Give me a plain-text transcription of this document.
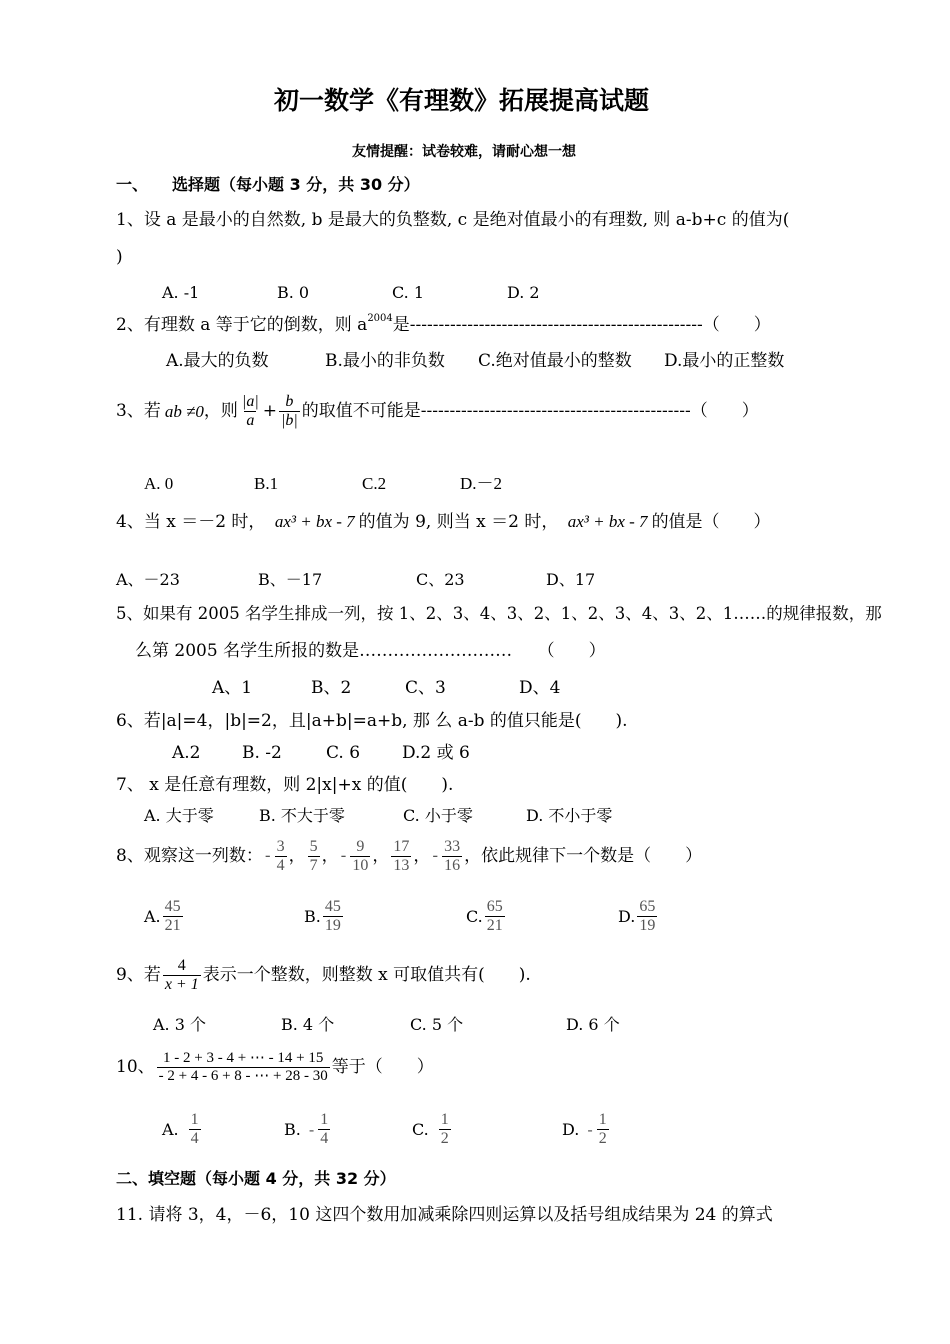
初一数学《有理数》拓展提高试题
友情提醒：试卷较难，请耐心想一想
一、　　选择题（每小题 3 分，共 30 分）
1、设 a 是最小的自然数, b 是最大的负整数, c 是绝对值最小的有理数, 则 a-b+c 的值为(
)
A. -1	B. 0	C. 1	D. 2
2、有理数 a 等于它的倒数，则 $a^{2004}$是---------------------------------------------------（　　）
A.最大的负数	B.最小的非负数 C.绝对值最小的整数 D.最小的正整数
3、若 ab ≠0 ，则 $\frac{|a|}{a} + \frac{b}{|b|}$ 的取值不可能是-----------------------------------------------（　　）
A. 0	B.1	C.2	D.－2
4、当 x ＝－2 时， ax³ + bx - 7 的值为 9, 则当 x ＝2 时， ax³ + bx - 7 的值是（　　）
A、－23	B、－17	C、23	D、17
5、如果有 2005 名学生排成一列，按 1、2、3、4、3、2、1、2、3、4、3、2、1……的规律报数，那
么第 2005 名学生所报的数是………………………　　（　　）
A、1	B、2	C、3	D、4
6、若|a|=4，|b|=2，且|a+b|=a+b, 那 么 a-b 的值只能是(　　).
A.2 B. -2	C. 6 D.2 或 6
7、 x 是任意有理数，则 2|x|+x 的值(　　).
A. 大于零	B. 不大于零	C. 小于零	D. 不小于零
8、观察这一列数： - $\frac{3}{4}$ ， $\frac{5}{7}$ ， - $\frac{9}{10}$ ， $\frac{17}{13}$ ， - $\frac{33}{16}$ ，依此规律下一个数是（　　）
A. $\frac{45}{21}$	B. $\frac{45}{19}$	C. $\frac{65}{21}$	D. $\frac{65}{19}$
9、若 $\frac{4}{x + 1}$ 表示一个整数，则整数 x 可取值共有(　　).
A. 3 个	B. 4 个	C. 5 个	D. 6 个
10、 $\frac{1 - 2 + 3 - 4 + \cdots - 14 + 15}{- 2 + 4 - 6 + 8 - \cdots + 28 - 30}$ 等于（　　）
A. $\frac{1}{4}$	B. - $\frac{1}{4}$	C. $\frac{1}{2}$	D. - $\frac{1}{2}$
二、填空题（每小题 4 分，共 32 分）
11. 请将 3，4，－6，10 这四个数用加减乘除四则运算以及括号组成结果为 24 的算式
